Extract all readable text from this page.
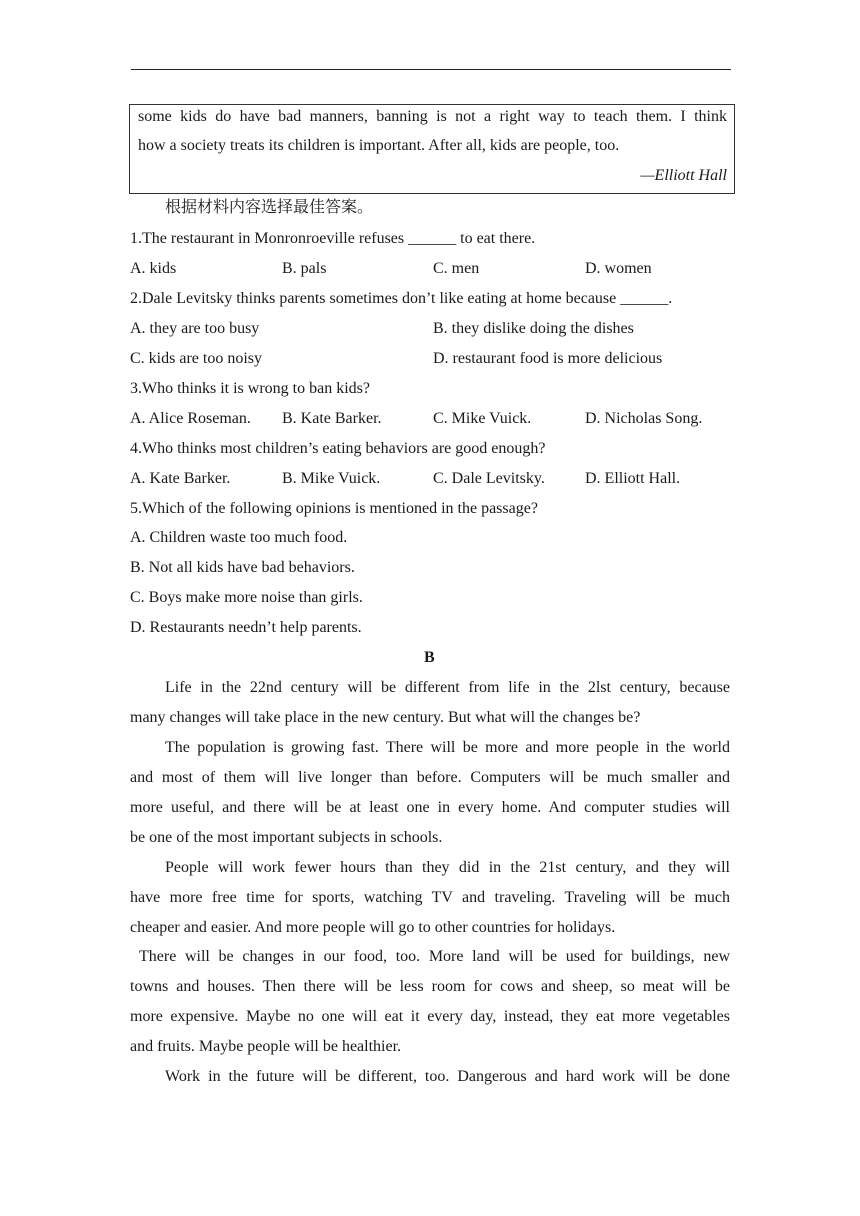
some kids do have bad manners, banning is not a right way to teach them. I think
how a society treats its children is important. After all, kids are people, too.
—Elliott Hall
根据材料内容选择最佳答案。
1.The restaurant in Monronroeville refuses ______ to eat there.
A. kids	B. pals	C. men	D. women
2.Dale Levitsky thinks parents sometimes don’t like eating at home because ______.
A. they are too busy	B. they dislike doing the dishes
C. kids are too noisy	D. restaurant food is more delicious
3.Who thinks it is wrong to ban kids?
A. Alice Roseman. B. Kate Barker.	C. Mike Vuick.	D. Nicholas Song.
4.Who thinks most children’s eating behaviors are good enough?
A. Kate Barker.	B. Mike Vuick.	C. Dale Levitsky.	D. Elliott Hall.
5.Which of the following opinions is mentioned in the passage?
A. Children waste too much food.
B. Not all kids have bad behaviors.
C. Boys make more noise than girls.
D. Restaurants needn’t help parents.
B
Life in the 22nd century will be different from life in the 2lst century, because
many changes will take place in the new century. But what will the changes be?
The population is growing fast. There will be more and more people in the world
and most of them will live longer than before. Computers will be much smaller and
more useful, and there will be at least one in every home. And computer studies will
be one of the most important subjects in schools.
People will work fewer hours than they did in the 21st century, and they will
have more free time for sports, watching TV and traveling. Traveling will be much
cheaper and easier. And more people will go to other countries for holidays.
There will be changes in our food, too. More land will be used for buildings, new
towns and houses. Then there will be less room for cows and sheep, so meat will be
more expensive. Maybe no one will eat it every day, instead, they eat more vegetables
and fruits. Maybe people will be healthier.
Work in the future will be different, too. Dangerous and hard work will be done
